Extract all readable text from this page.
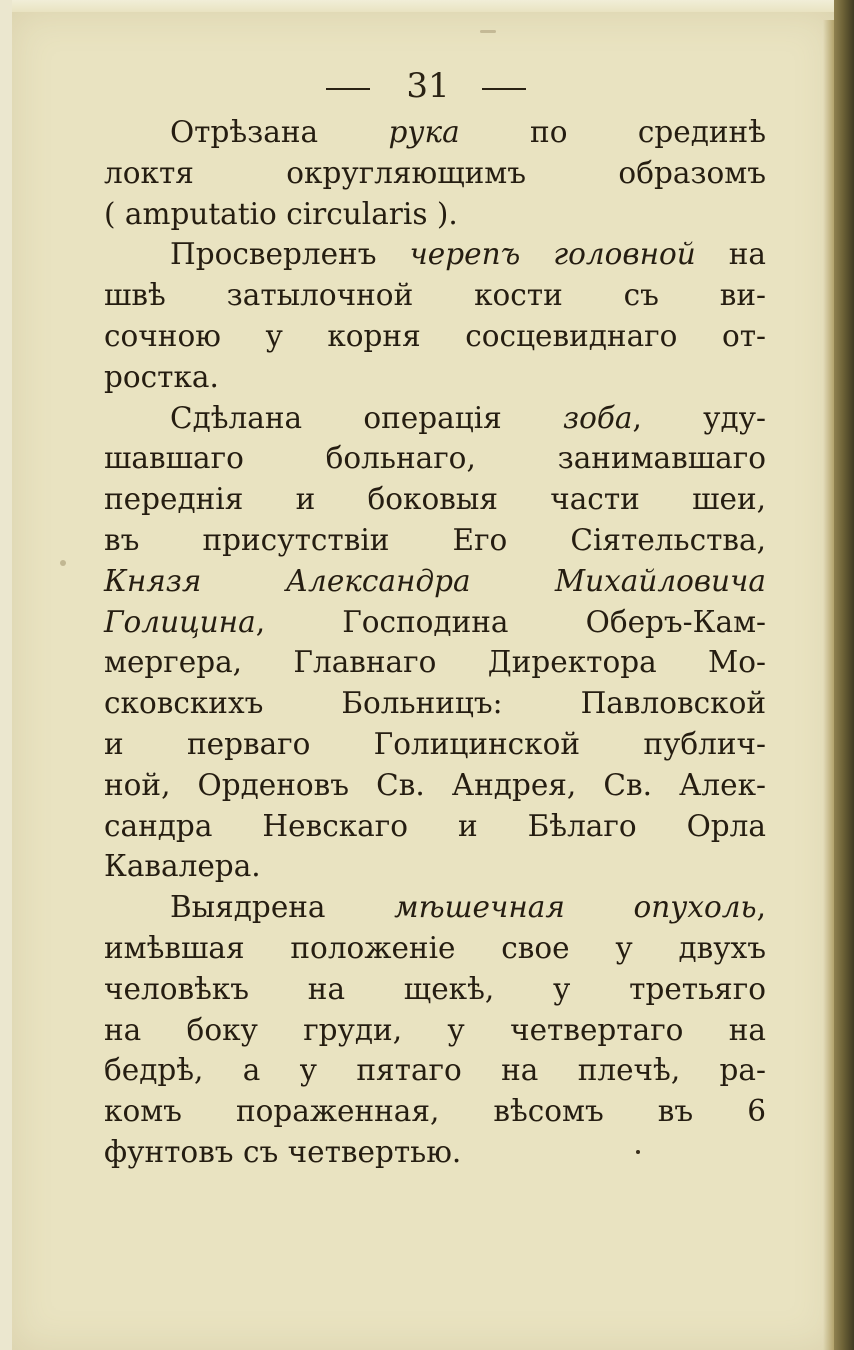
31
Отрѣзана рука по срединѣ
локтя округляющимъ образомъ
( amputatio circularis ).
Просверленъ черепъ головной на
швѣ затылочной кости съ ви-
сочною у корня сосцевиднаго от-
ростка.
Сдѣлана операція зоба, уду-
шавшаго больнаго, занимавшаго
переднія и боковыя части шеи,
въ присутствіи Его Сіятельства,
Князя Александра Михайловича
Голицина, Господина Оберъ-Кам-
мергера, Главнаго Директора Мо-
сковскихъ Больницъ: Павловской
и перваго Голицинской публич-
ной, Орденовъ Св. Андрея, Св. Алек-
сандра Невскаго и Бѣлаго Орла
Кавалера.
Выядрена мѣшечная опухоль,
имѣвшая положеніе свое у двухъ
человѣкъ на щекѣ, у третьяго
на боку груди, у четвертаго на
бедрѣ, а у пятаго на плечѣ, ра-
комъ пораженная, вѣсомъ въ 6
фунтовъ съ четвертью.
